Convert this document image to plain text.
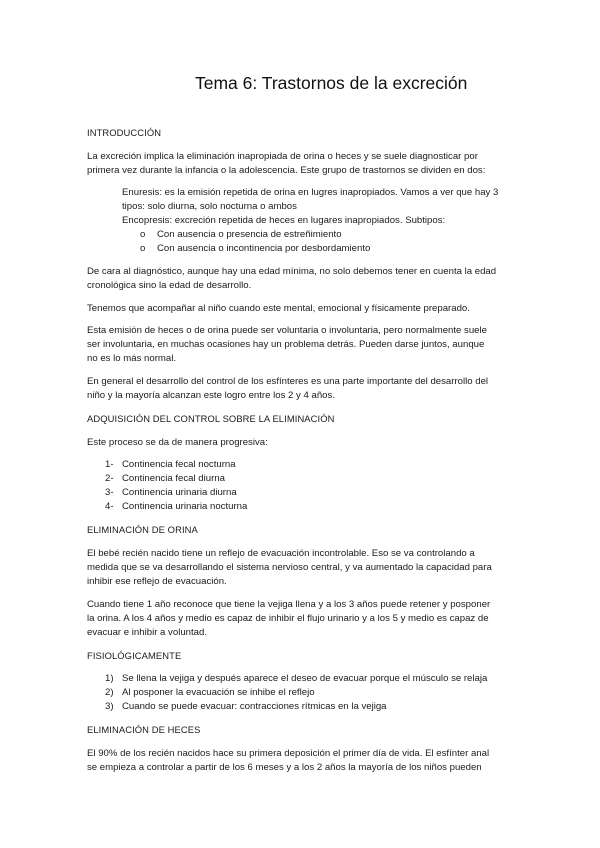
Tema 6: Trastornos de la excreción
INTRODUCCIÓN
La excreción implica la eliminación inapropiada de orina o heces y se suele diagnosticar por
primera vez durante la infancia o la adolescencia. Este grupo de trastornos se dividen en dos:
Enuresis: es la emisión repetida de orina en lugres inapropiados. Vamos a ver que hay 3
tipos: solo diurna, solo nocturna o ambos
Encopresis: excreción repetida de heces en lugares inapropiados. Subtipos:
o Con ausencia o presencia de estreñimiento
o Con ausencia o incontinencia por desbordamiento
De cara al diagnóstico, aunque hay una edad mínima, no solo debemos tener en cuenta la edad
cronológica sino la edad de desarrollo.
Tenemos que acompañar al niño cuando este mental, emocional y físicamente preparado.
Esta emisión de heces o de orina puede ser voluntaria o involuntaria, pero normalmente suele
ser involuntaria, en muchas ocasiones hay un problema detrás. Pueden darse juntos, aunque
no es lo más normal.
En general el desarrollo del control de los esfínteres es una parte importante del desarrollo del
niño y la mayoría alcanzan este logro entre los 2 y 4 años.
ADQUISICIÓN DEL CONTROL SOBRE LA ELIMINACIÓN
Este proceso se da de manera progresiva:
1- Continencia fecal nocturna
2- Continencia fecal diurna
3- Continencia urinaria diurna
4- Continencia urinaria nocturna
ELIMINACIÓN DE ORINA
El bebé recién nacido tiene un reflejo de evacuación incontrolable. Eso se va controlando a
medida que se va desarrollando el sistema nervioso central, y va aumentado la capacidad para
inhibir ese reflejo de evacuación.
Cuando tiene 1 año reconoce que tiene la vejiga llena y a los 3 años puede retener y posponer
la orina. A los 4 años y medio es capaz de inhibir el flujo urinario y a los 5 y medio es capaz de
evacuar e inhibir a voluntad.
FISIOLÓGICAMENTE
1) Se llena la vejiga y después aparece el deseo de evacuar porque el músculo se relaja
2) Al posponer la evacuación se inhibe el reflejo
3) Cuando se puede evacuar: contracciones rítmicas en la vejiga
ELIMINACIÓN DE HECES
El 90% de los recién nacidos hace su primera deposición el primer día de vida. El esfínter anal
se empieza a controlar a partir de los 6 meses y a los 2 años la mayoría de los niños pueden
